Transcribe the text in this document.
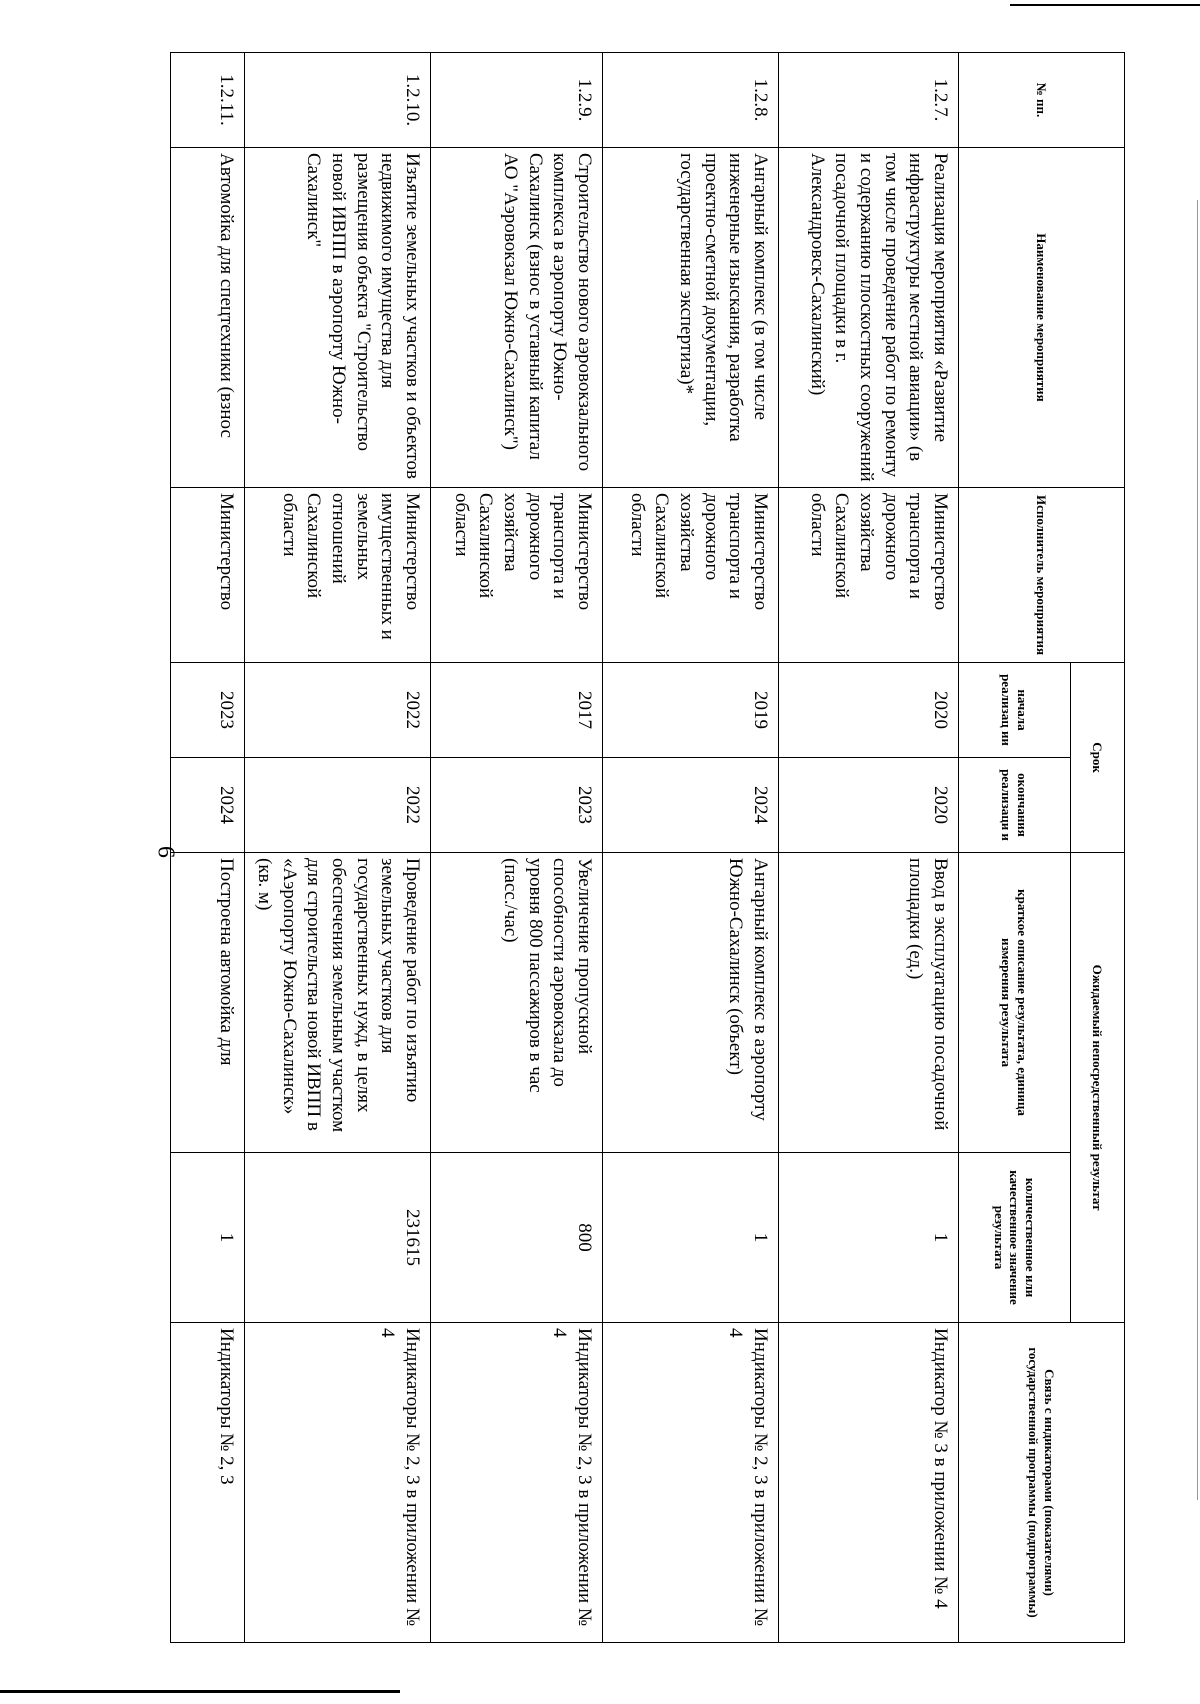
9
№ пп.	Наименование мероприятия	Исполнитель мероприятия	Срок		Ожидаемый непосредственный результат		Связь с индикаторами (показателями) государственной программы (подпрограммы)
			начала реализац ии	окончания реализаци и	краткое описание результата, единица измерения результата	количественное или качественное значение результата	
1.2.7.	Реализация мероприятия «Развитие инфраструктуры местной авиации» (в том числе проведение работ по ремонту и содержанию плоскостных сооружений посадочной площадки в г. Александровск-Сахалинский)	Министерство транспорта и дорожного хозяйства Сахалинской области	2020	2020	Ввод в эксплуатацию посадочной площадки (ед.)	1	Индикатор № 3 в приложении № 4
1.2.8.	Ангарный комплекс (в том числе инженерные изыскания, разработка проектно-сметной документации, государственная экспертиза)*	Министерство транспорта и дорожного хозяйства Сахалинской области	2019	2024	Ангарный комплекс в аэропорту Южно-Сахалинск (объект)	1	Индикаторы № 2, 3 в приложении № 4
1.2.9.	Строительство нового аэровокзального комплекса в аэропорту Южно-Сахалинск (взнос в уставный капитал АО "Аэровокзал Южно-Сахалинск")	Министерство транспорта и дорожного хозяйства Сахалинской области	2017	2023	Увеличение пропускной способности аэровокзала до уровня 800 пассажиров в час (пасс./час)	800	Индикаторы № 2, 3 в приложении № 4
1.2.10.	Изъятие земельных участков и объектов недвижимого имущества для размещения объекта "Строительство новой ИВПП в аэропорту Южно-Сахалинск"	Министерство имущественных и земельных отношений Сахалинской области	2022	2022	Проведение работ по изъятию земельных участков для государственных нужд, в целях обеспечения земельным участком для строительства новой ИВПП в «Аэропорту Южно-Сахалинск» (кв. м)	231615	Индикаторы № 2, 3 в приложении № 4
1.2.11.	Автомойка для спецтехники (взнос	Министерство	2023	2024	Построена автомойка для	1	Индикаторы № 2, 3
